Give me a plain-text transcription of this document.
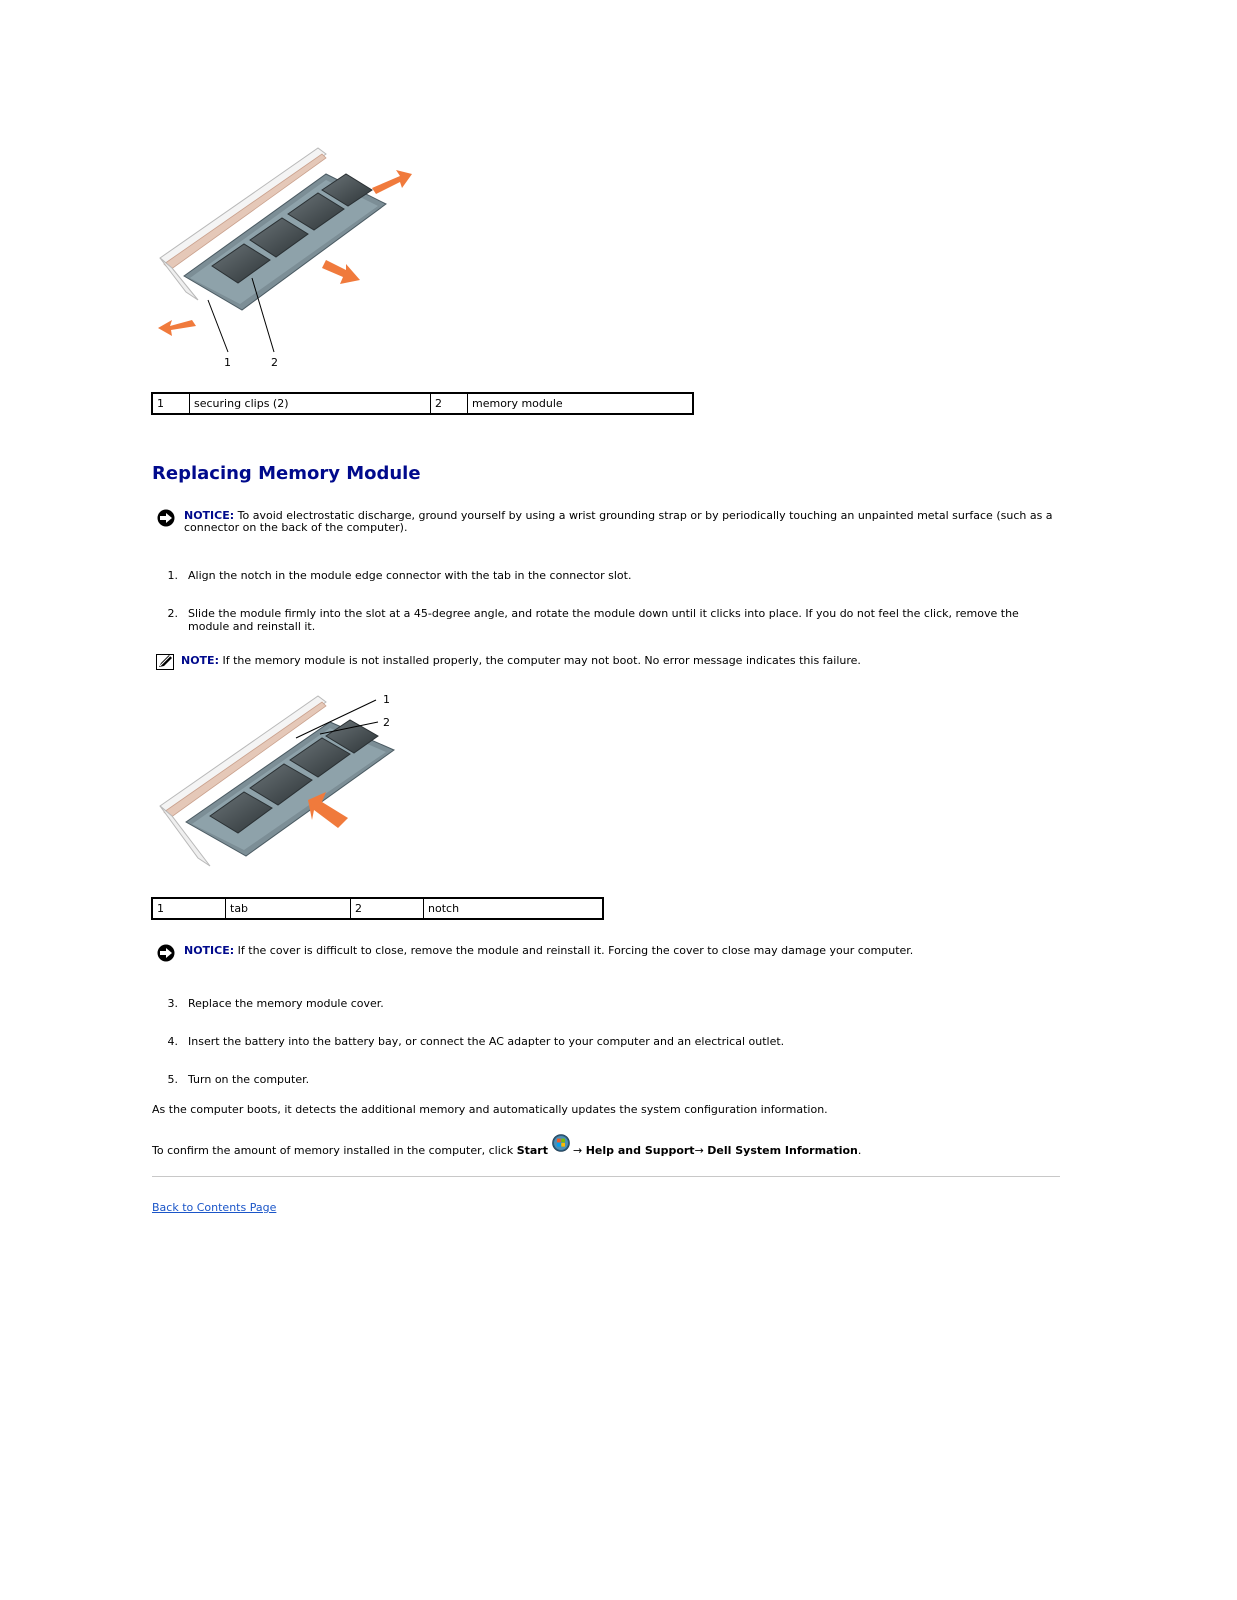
1	2
1	securing clips (2)	2	memory module
Replacing Memory Module
NOTICE: To avoid electrostatic discharge, ground yourself by using a wrist grounding strap or by periodically touching an unpainted metal surface (such as a connector on the back of the computer).
1. Align the notch in the module edge connector with the tab in the connector slot.
2. Slide the module firmly into the slot at a 45-degree angle, and rotate the module down until it clicks into place. If you do not feel the click, remove the module and reinstall it.
NOTE: If the memory module is not installed properly, the computer may not boot. No error message indicates this failure.
1
2
1	tab	2	notch
NOTICE: If the cover is difficult to close, remove the module and reinstall it. Forcing the cover to close may damage your computer.
3. Replace the memory module cover.
4. Insert the battery into the battery bay, or connect the AC adapter to your computer and an electrical outlet.
5. Turn on the computer.

As the computer boots, it detects the additional memory and automatically updates the system configuration information.

To confirm the amount of memory installed in the computer, click Start  → Help and Support→ Dell System Information.

Back to Contents Page
